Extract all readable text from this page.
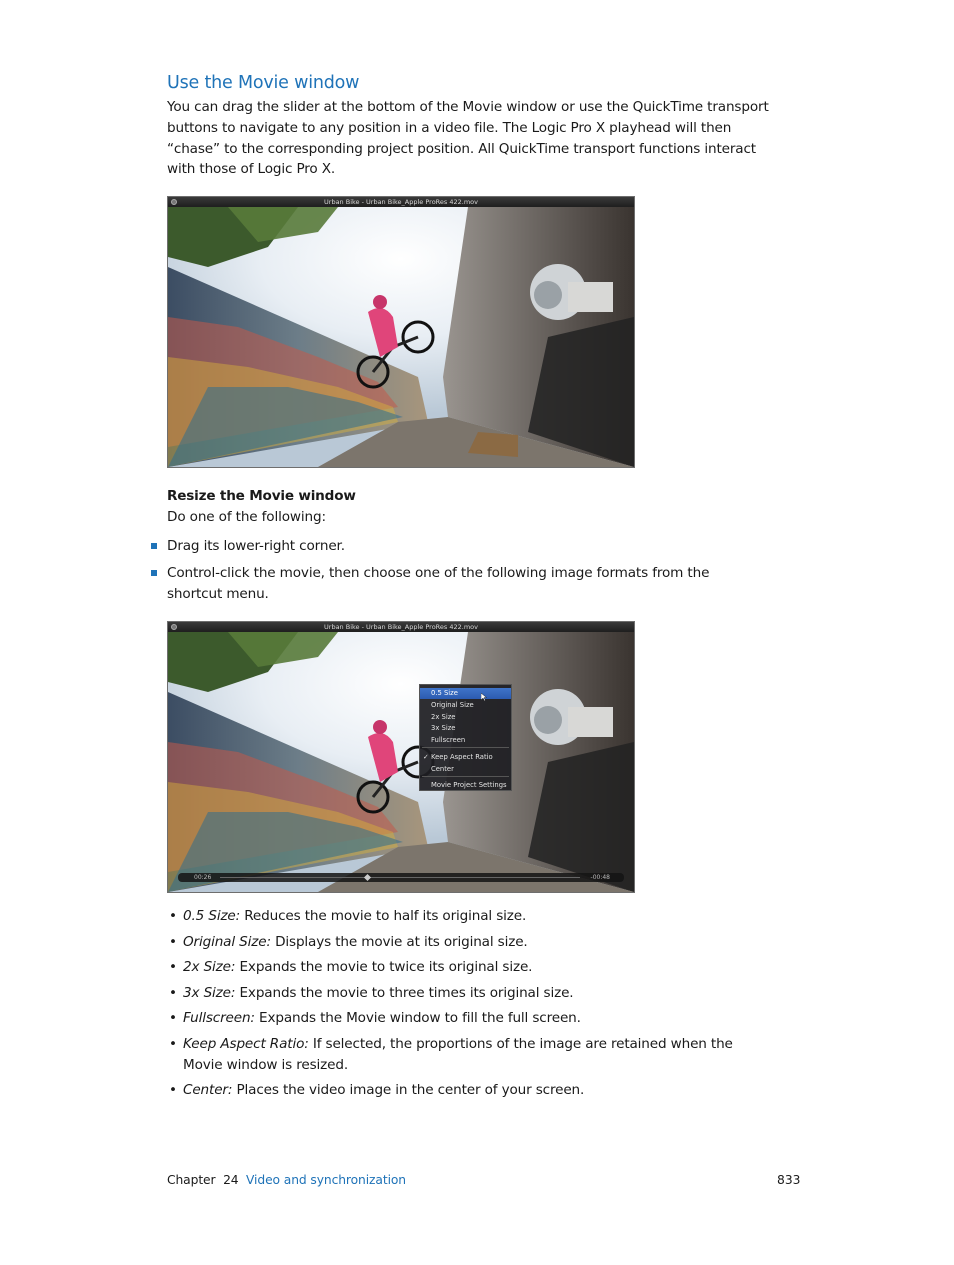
Use the Movie window

You can drag the slider at the bottom of the Movie window or use the QuickTime transport buttons to navigate to any position in a video file. The Logic Pro X playhead will then “chase” to the corresponding project position. All QuickTime transport functions interact with those of Logic Pro X.

Urban Bike - Urban Bike_Apple ProRes 422.mov

Resize the Movie window

Do one of the following:

Drag its lower-right corner.
Control-click the movie, then choose one of the following image formats from the shortcut menu.
Urban Bike - Urban Bike_Apple ProRes 422.mov
00:26	-00:48
0.5 Size
Original Size
2x Size
3x Size
Fullscreen
✓ Keep Aspect Ratio
Center
Movie Project Settings
• 0.5 Size: Reduces the movie to half its original size.
• Original Size: Displays the movie at its original size.
• 2x Size: Expands the movie to twice its original size.
• 3x Size: Expands the movie to three times its original size.
• Fullscreen: Expands the Movie window to fill the full screen.
• Keep Aspect Ratio: If selected, the proportions of the image are retained when the Movie window is resized.
• Center: Places the video image in the center of your screen.

Chapter  24 Video and synchronization	833
